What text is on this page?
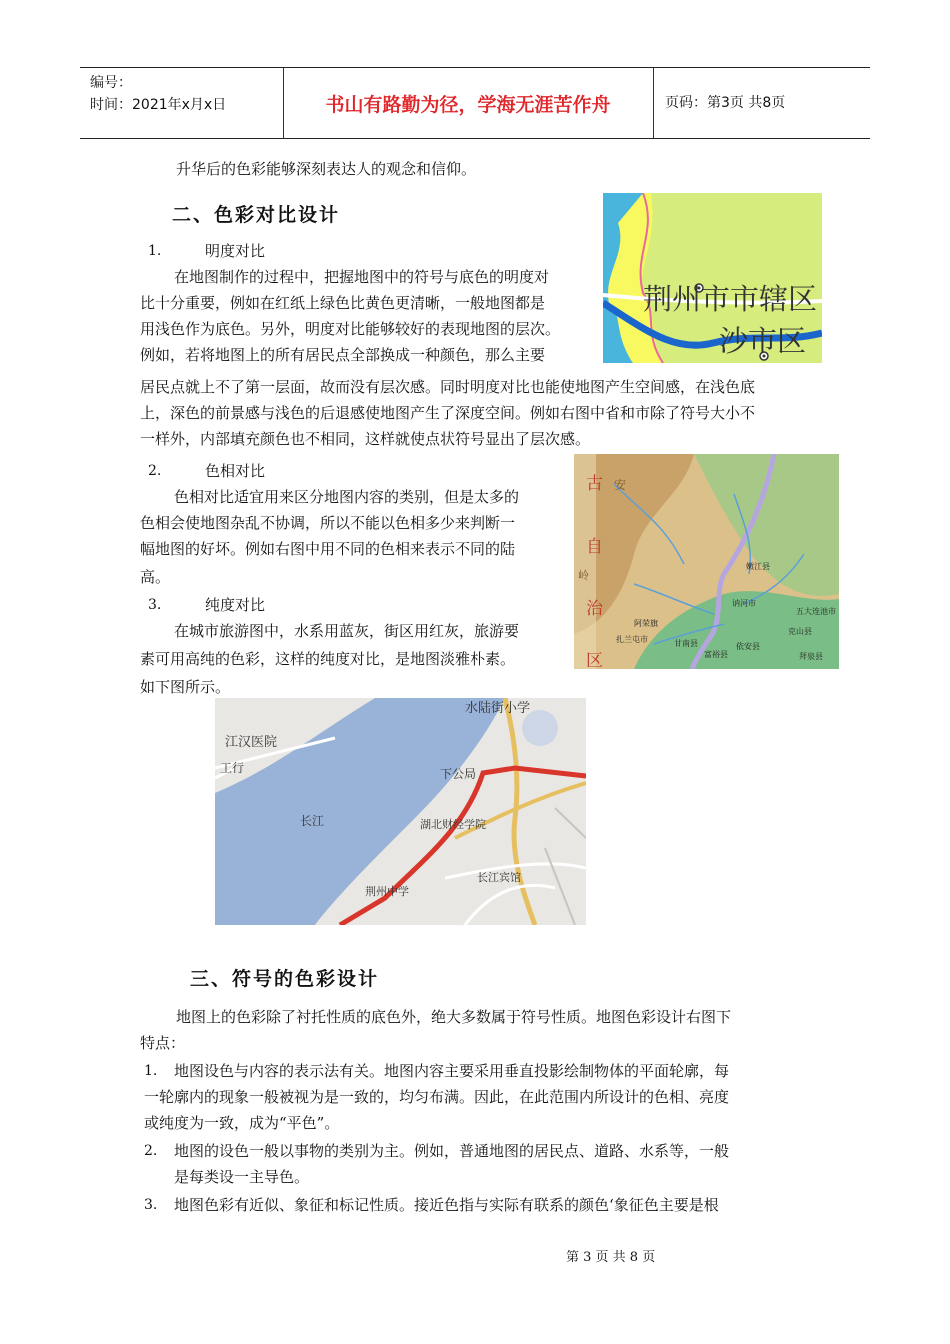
编号：
时间：2021年x月x日	书山有路勤为径，学海无涯苦作舟	页码：第3页 共8页
升华后的色彩能够深刻表达人的观念和信仰。
二、色彩对比设计
1.	明度对比
在地图制作的过程中，把握地图中的符号与底色的明度对
比十分重要，例如在红纸上绿色比黄色更清晰，一般地图都是
用浅色作为底色。另外，明度对比能够较好的表现地图的层次。
例如，若将地图上的所有居民点全部换成一种颜色，那么主要
居民点就上不了第一层面，故而没有层次感。同时明度对比也能使地图产生空间感，在浅色底
上，深色的前景感与浅色的后退感使地图产生了深度空间。例如右图中省和市除了符号大小不
一样外，内部填充颜色也不相同，这样就使点状符号显出了层次感。
荆州市市辖区
沙市区
2.	色相对比
色相对比适宜用来区分地图内容的类别，但是太多的
色相会使地图杂乱不协调，所以不能以色相多少来判断一
幅地图的好坏。例如右图中用不同的色相来表示不同的陆
高。
古
自
治
区
安
岭
嫩江县
讷河市
五大连池市
阿荣旗
甘南县
富裕县
依安县
克山县
拜泉县
扎兰屯市
3.	纯度对比
在城市旅游图中，水系用蓝灰，街区用红灰，旅游要
素可用高纯的色彩，这样的纯度对比，是地图淡雅朴素。
如下图所示。
水陆街小学
江汉医院
工行	下公局
长江	湖北财经学院
长江宾馆
荆州中学
三、符号的色彩设计
地图上的色彩除了衬托性质的底色外，绝大多数属于符号性质。地图色彩设计右图下
特点：
1. 地图设色与内容的表示法有关。地图内容主要采用垂直投影绘制物体的平面轮廓，每
一轮廓内的现象一般被视为是一致的，均匀布满。因此，在此范围内所设计的色相、亮度
或纯度为一致，成为“平色”。
2. 地图的设色一般以事物的类别为主。例如，普通地图的居民点、道路、水系等，一般
是每类设一主导色。
3. 地图色彩有近似、象征和标记性质。接近色指与实际有联系的颜色‘象征色主要是根
第 3 页 共 8 页
